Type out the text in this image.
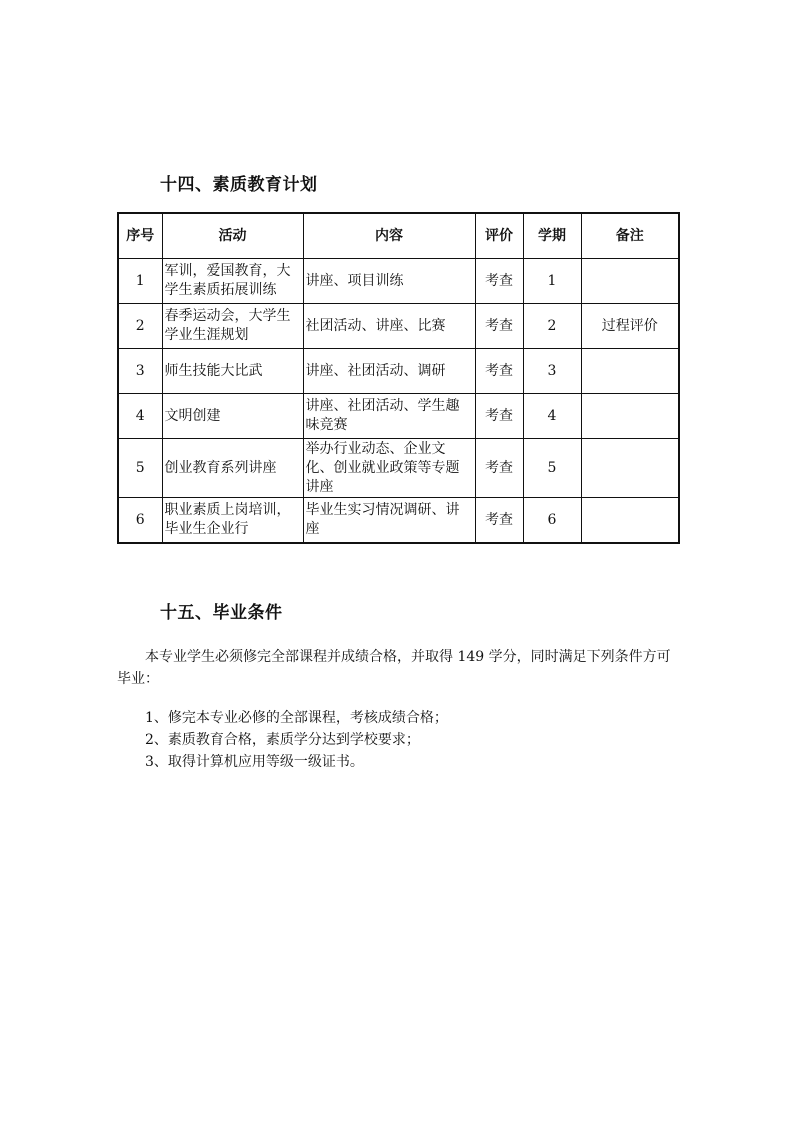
十四、素质教育计划
序号	活动	内容	评价	学期	备注
1	军训，爱国教育，大学生素质拓展训练	讲座、项目训练	考查	1	
2	春季运动会，大学生学业生涯规划	社团活动、讲座、比赛	考查	2	过程评价
3	师生技能大比武	讲座、社团活动、调研	考查	3	
4	文明创建	讲座、社团活动、学生趣味竞赛	考查	4	
5	创业教育系列讲座	举办行业动态、企业文化、创业就业政策等专题讲座	考查	5	
6	职业素质上岗培训，毕业生企业行	毕业生实习情况调研、讲座	考查	6	
十五、毕业条件

本专业学生必须修完全部课程并成绩合格，并取得 149 学分，同时满足下列条件方可毕业：

1、修完本专业必修的全部课程，考核成绩合格；

2、素质教育合格，素质学分达到学校要求；

3、取得计算机应用等级一级证书。
